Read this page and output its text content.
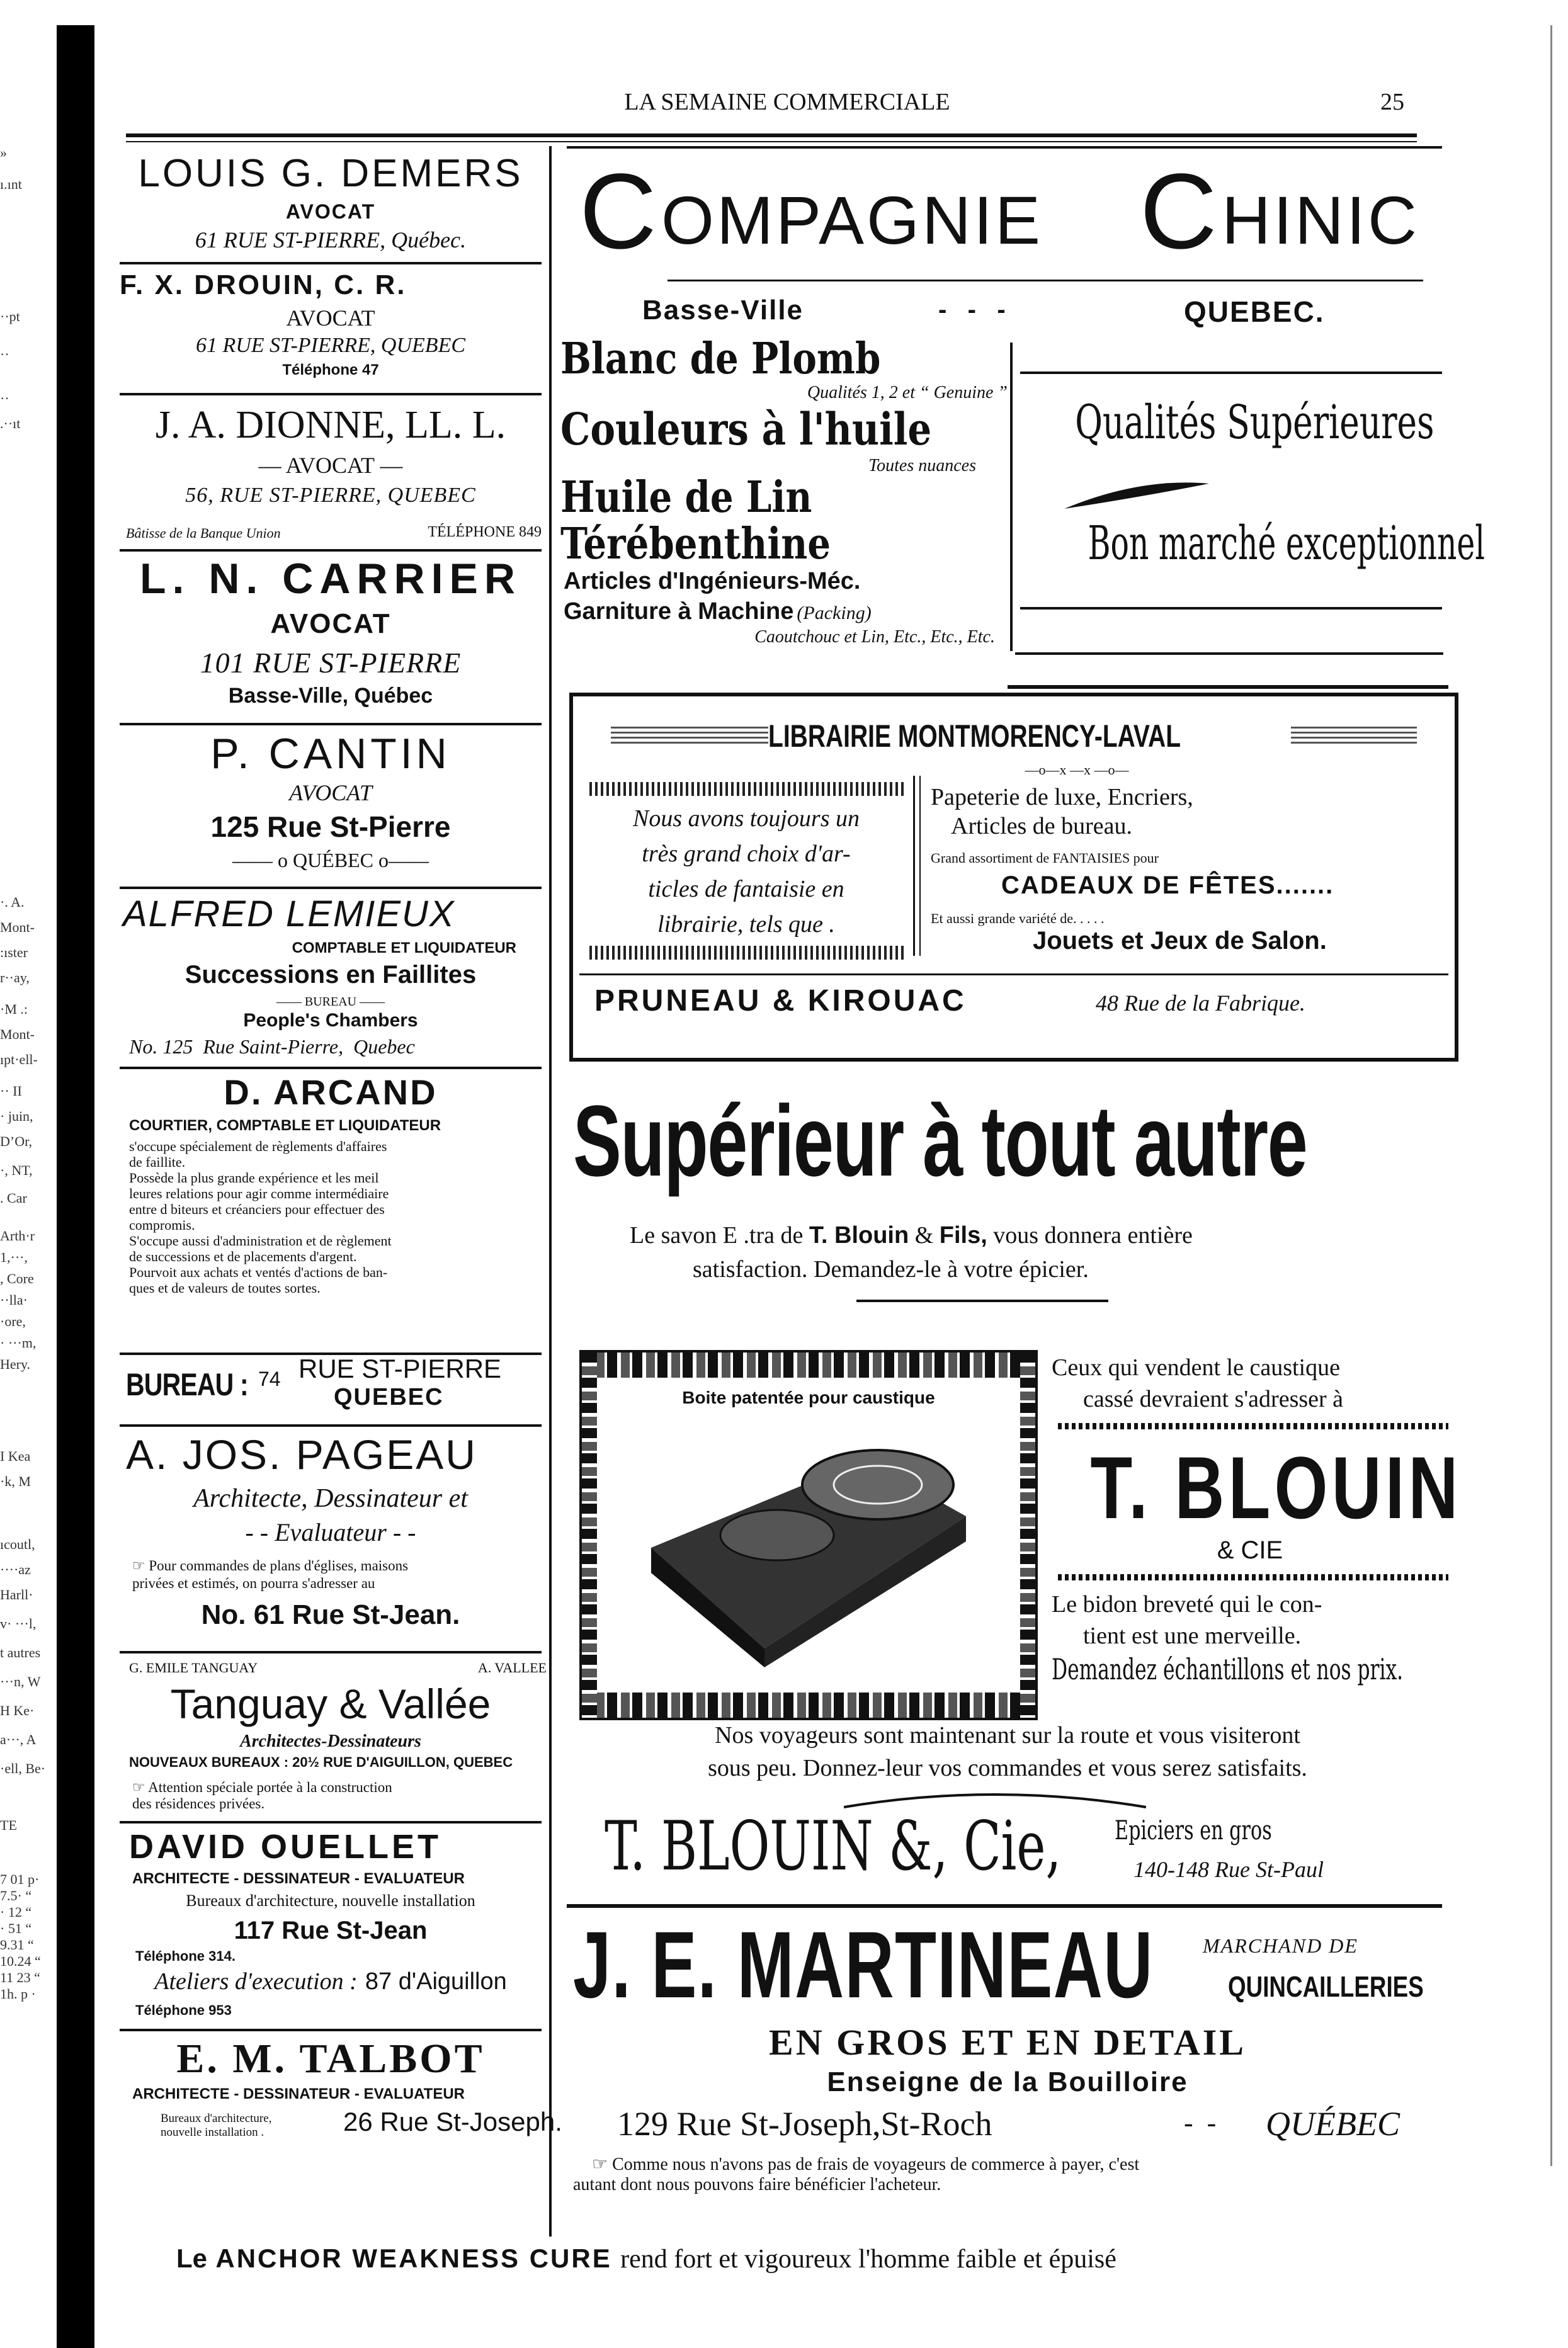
»
ı.ınt
··pt
··
··
.··ıt
·. A.
Mont-
:ıster
r··ay,
·M .:
Mont-
ıpt·ell-
·· II
· juin,
D’Or,
·, NT,
. Car
Arth·r
1,···,
, Core
··lla·
·ore,
· ···m,
Hery.
I Kea
·k, M
ıcoutl,
····az
Harll·
v· ···l,
t autres
···n, W
H Ke·
a···, A
·ell, Be·
TE
7 01 p·
7.5· “
· 12 “
· 51 “
9.31 “
10.24 “
11 23 “
1h. p ·
LA SEMAINE COMMERCIALE	25
LOUIS G. DEMERS
AVOCAT
61 RUE ST-PIERRE, Québec.
F. X. DROUIN, C. R.
AVOCAT
61 RUE ST-PIERRE, QUEBEC
Téléphone 47
J. A. DIONNE, LL. L.
— AVOCAT —
56, RUE ST-PIERRE, QUEBEC
Bâtisse de la Banque Union	TÉLÉPHONE 849
L. N. CARRIER
AVOCAT
101 RUE ST-PIERRE
Basse-Ville, Québec
P. CANTIN
AVOCAT
125 Rue St-Pierre
—— o QUÉBEC o——
ALFRED LEMIEUX
COMPTABLE ET LIQUIDATEUR
Successions en Faillites
—— BUREAU ——
People's Chambers
No. 125  Rue Saint-Pierre,  Quebec
D. ARCAND
COURTIER, COMPTABLE ET LIQUIDATEUR
s'occupe spécialement de règlements d'affaires
de faillite.
Possède la plus grande expérience et les meil
leures relations pour agir comme intermédiaire
entre d biteurs et créanciers pour effectuer des
compromis.
S'occupe aussi d'administration et de règlement
de successions et de placements d'argent.
Pourvoit aux achats et ventés d'actions de ban-
ques et de valeurs de toutes sortes.
BUREAU : 74 RUE ST-PIERRE
QUEBEC
A. JOS. PAGEAU
Architecte, Dessinateur et
- - Evaluateur - -
☞ Pour commandes de plans d'églises, maisons
privées et estimés, on pourra s'adresser au
No. 61 Rue St-Jean.
G. EMILE TANGUAY	A. VALLEE
Tanguay & Vallée
Architectes-Dessinateurs
NOUVEAUX BUREAUX : 20½ RUE D'AIGUILLON, QUEBEC
☞ Attention spéciale portée à la construction
des résidences privées.
DAVID OUELLET
ARCHITECTE - DESSINATEUR - EVALUATEUR
Bureaux d'architecture, nouvelle installation
117 Rue St-Jean
Téléphone 314.
Ateliers d'execution : 87 d'Aiguillon
Téléphone 953
E. M. TALBOT
ARCHITECTE - DESSINATEUR - EVALUATEUR
Bureaux d'architecture,
nouvelle installation .	26 Rue St-Joseph.
C OMPAGNIE C HINIC
Basse-Ville	-   -   -	QUEBEC.
Blanc de Plomb
Qualités 1, 2 et “ Genuine ”
Couleurs à l'huile
Toutes nuances
Huile de Lin
Térébenthine
Articles d'Ingénieurs-Méc.
Garniture à Machine (Packing)
Caoutchouc et Lin, Etc., Etc., Etc.
Qualités Supérieures
Bon marché exceptionnel
LIBRAIRIE MONTMORENCY-LAVAL
—o—x —x —o—
Nous avons toujours un
très grand choix d'ar-
ticles de fantaisie en
librairie, tels que .
Papeterie de luxe, Encriers,
Articles de bureau.
Grand assortiment de FANTAISIES pour
CADEAUX DE FÊTES.......
Et aussi grande variété de. . . . .
Jouets et Jeux de Salon.
PRUNEAU & KIROUAC	48 Rue de la Fabrique.
Supérieur à tout autre
Le savon E .tra de T. Blouin & Fils, vous donnera entière
satisfaction. Demandez-le à votre épicier.
Boite patentée pour caustique
Ceux qui vendent le caustique
cassé devraient s'adresser à
T. BLOUIN
& CIE
Le bidon breveté qui le con-
tient est une merveille.
Demandez échantillons et nos prix.
Nos voyageurs sont maintenant sur la route et vous visiteront
sous peu. Donnez-leur vos commandes et vous serez satisfaits.
T. BLOUIN &, Cie, Epiciers en gros
140-148 Rue St-Paul
J. E. MARTINEAU MARCHAND DE
QUINCAILLERIES
EN GROS ET EN DETAIL
Enseigne de la Bouilloire
129 Rue St-Joseph,St-Roch	-  - QUÉBEC
☞ Comme nous n'avons pas de frais de voyageurs de commerce à payer, c'est
autant dont nous pouvons faire bénéficier l'acheteur.
Le ANCHOR WEAKNESS CURE rend fort et vigoureux l'homme faible et épuisé
